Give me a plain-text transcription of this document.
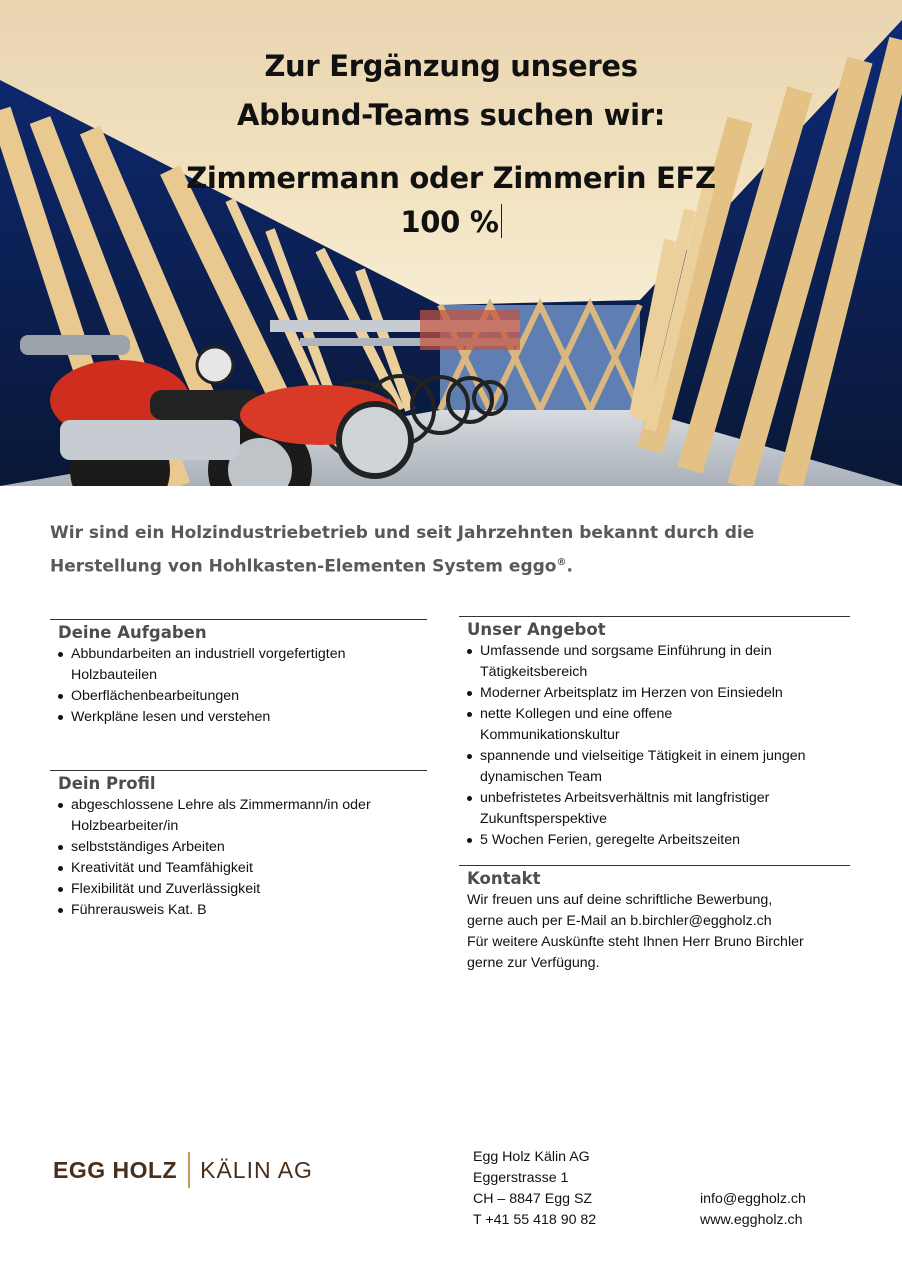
Zur Ergänzung unseres
Abbund-Teams suchen wir:
Zimmermann oder Zimmerin EFZ
100 %
Wir sind ein Holzindustriebetrieb und seit Jahrzehnten bekannt durch die Herstellung von Hohlkasten-Elementen System eggo®.
Deine Aufgaben
Abbundarbeiten an industriell vorgefertigten Holzbauteilen
Oberflächenbearbeitungen
Werkpläne lesen und verstehen
Dein Profil
abgeschlossene Lehre als Zimmermann/in oder Holzbearbeiter/in
selbstständiges Arbeiten
Kreativität und Teamfähigkeit
Flexibilität und Zuverlässigkeit
Führerausweis Kat. B
Unser Angebot
Umfassende und sorgsame Einführung in dein Tätigkeitsbereich
Moderner Arbeitsplatz im Herzen von Einsiedeln
nette Kollegen und eine offene Kommunikationskultur
spannende und vielseitige Tätigkeit in einem jungen dynamischen Team
unbefristetes Arbeitsverhältnis mit langfristiger Zukunftsperspektive
5 Wochen Ferien, geregelte Arbeitszeiten
Kontakt
Wir freuen uns auf deine schriftliche Bewerbung,
gerne auch per E-Mail an b.birchler@eggholz.ch
Für weitere Auskünfte steht Ihnen Herr Bruno Birchler
gerne zur Verfügung.
EGG HOLZ KÄLIN AG	Egg Holz Kälin AG
Eggerstrasse 1
CH – 8847 Egg SZ
T +41 55 418 90 82
info@eggholz.ch
www.eggholz.ch
